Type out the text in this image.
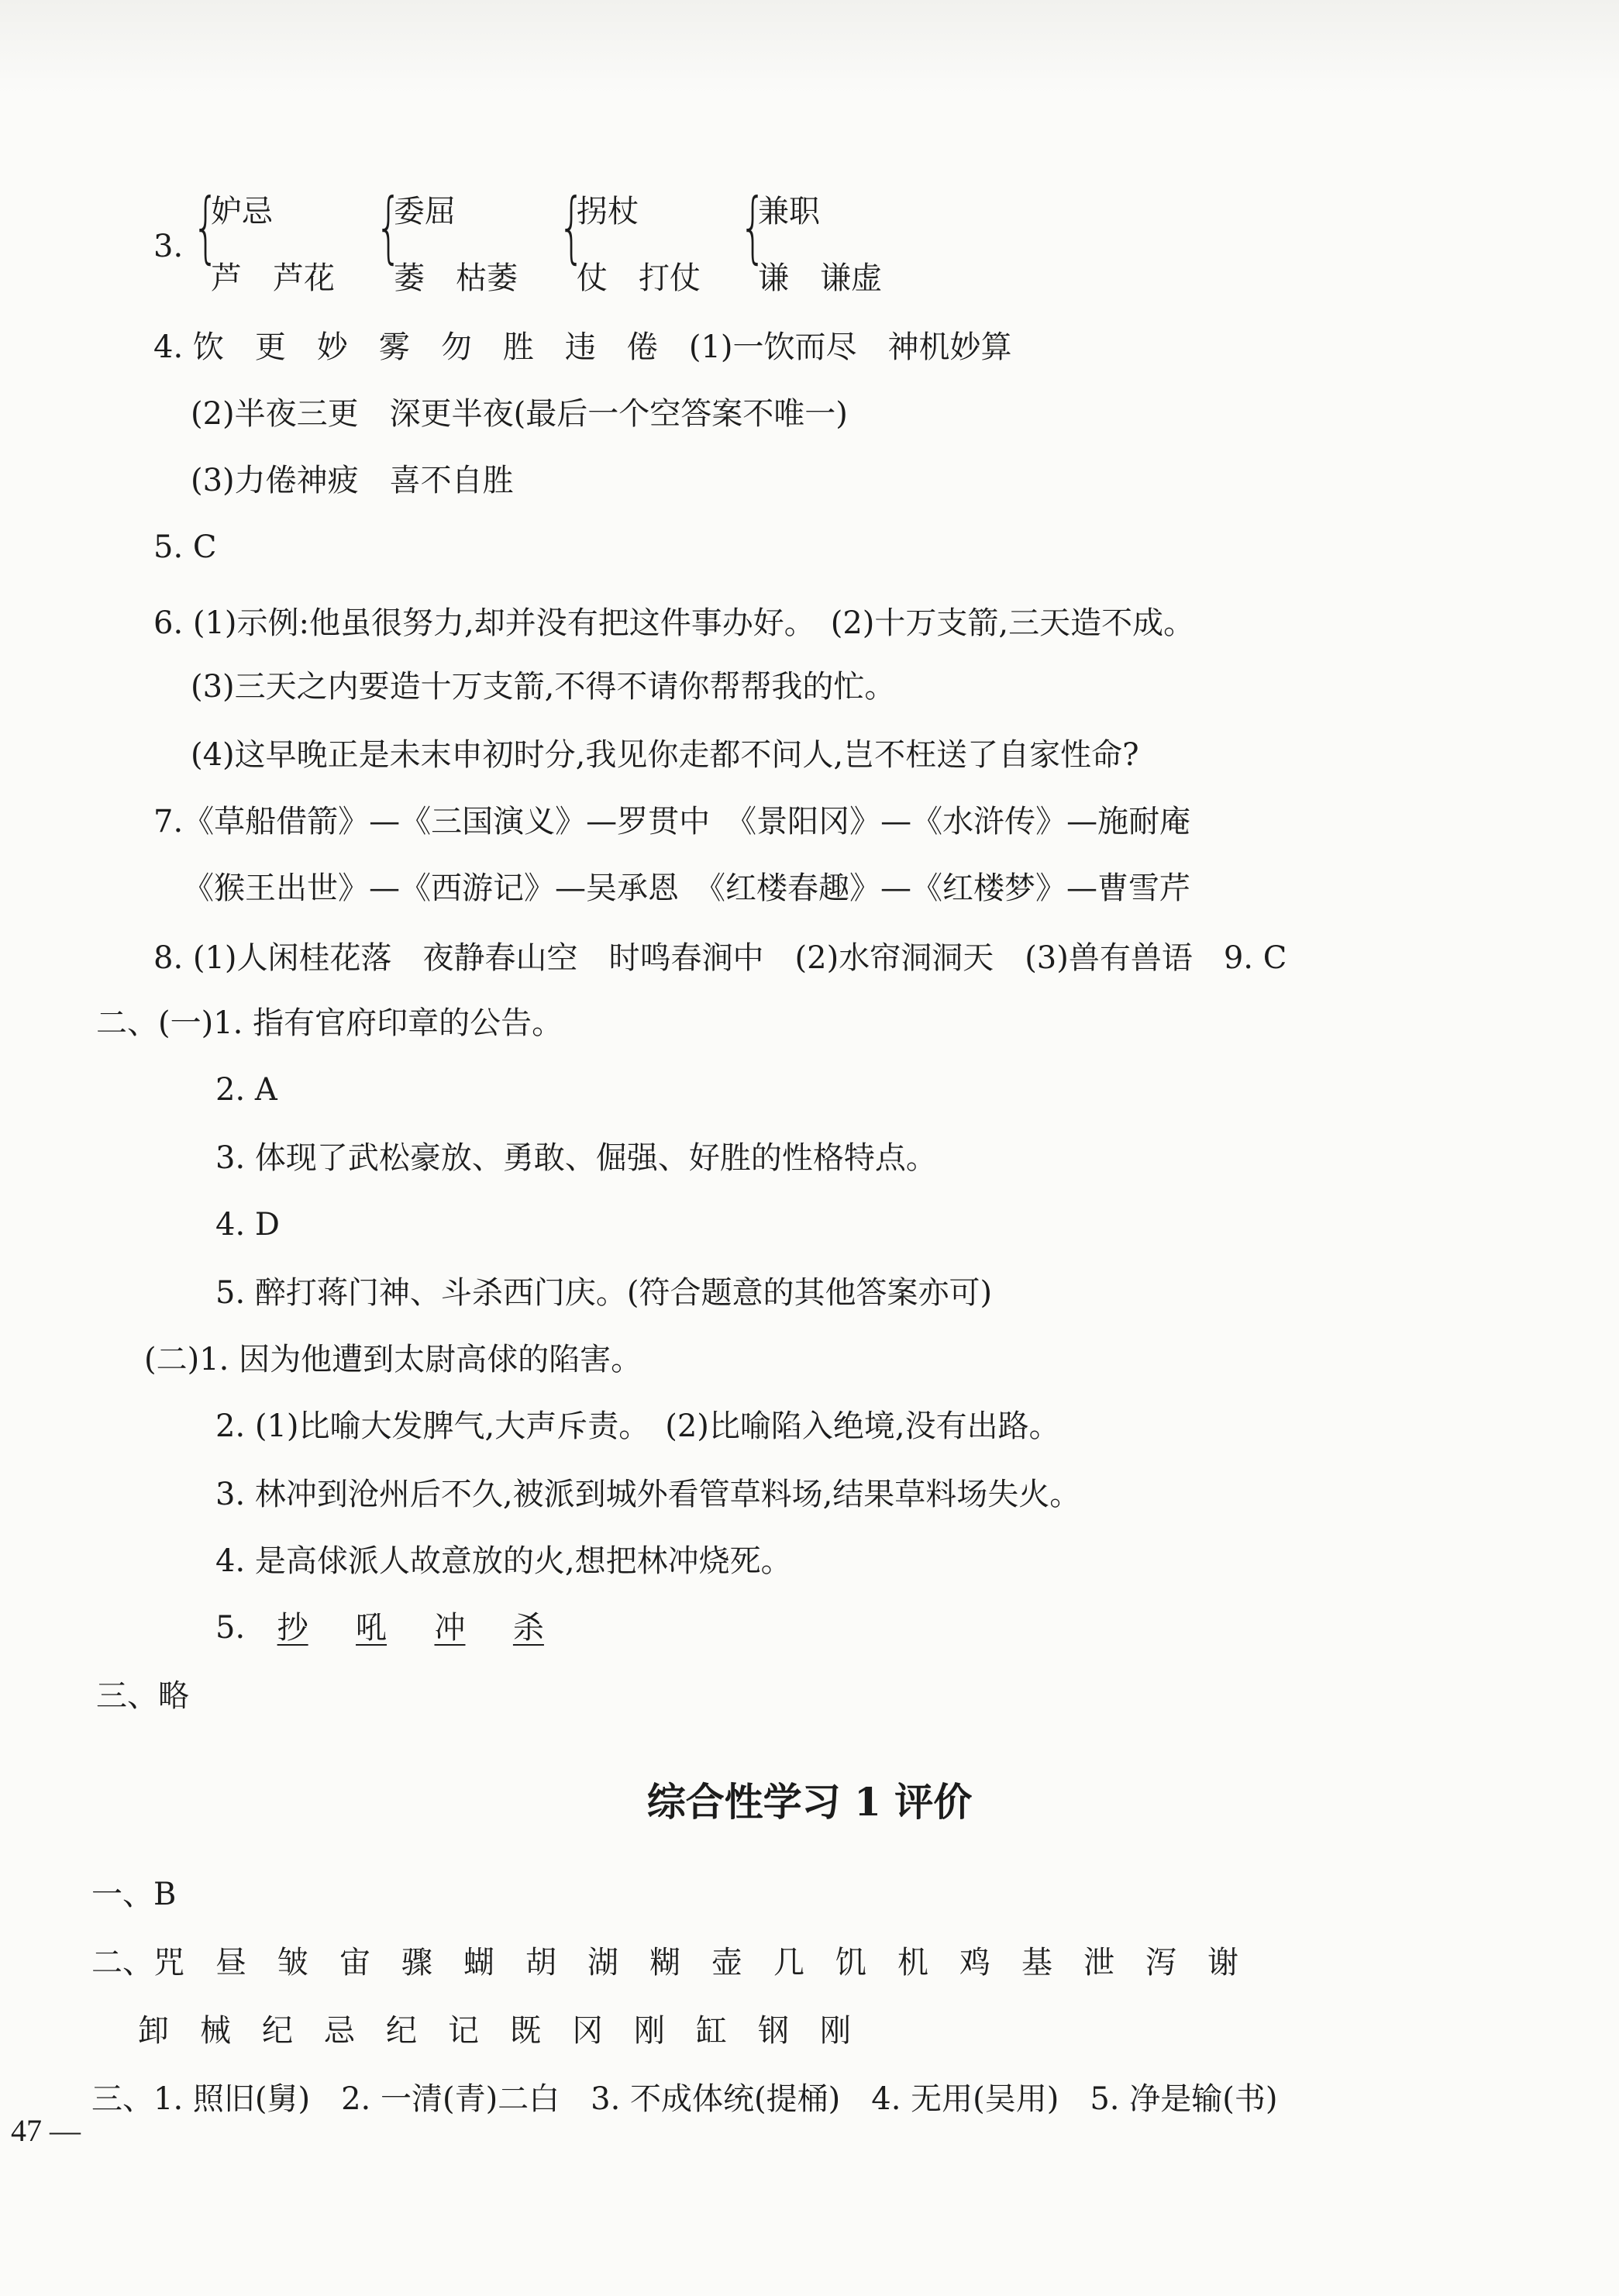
3. {
妒忌
芦　芦花
{
委屈
萎　枯萎
{
拐杖
仗　打仗
{
兼职
谦　谦虚
4. 饮　更　妙　雾　勿　胜　违　倦　(1)一饮而尽　神机妙算
(2)半夜三更　深更半夜(最后一个空答案不唯一)
(3)力倦神疲　喜不自胜
5. C
6. (1)示例:他虽很努力,却并没有把这件事办好。　(2)十万支箭,三天造不成。
(3)三天之内要造十万支箭,不得不请你帮帮我的忙。
(4)这早晚正是未末申初时分,我见你走都不问人,岂不枉送了自家性命?
7.《草船借箭》—《三国演义》—罗贯中　《景阳冈》—《水浒传》—施耐庵
《猴王出世》—《西游记》—吴承恩　《红楼春趣》—《红楼梦》—曹雪芹
8. (1)人闲桂花落　夜静春山空　时鸣春涧中　(2)水帘洞洞天　(3)兽有兽语　9. C
二、(一)1. 指有官府印章的公告。
2. A
3. 体现了武松豪放、勇敢、倔强、好胜的性格特点。
4. D
5. 醉打蒋门神、斗杀西门庆。(符合题意的其他答案亦可)
(二)1. 因为他遭到太尉高俅的陷害。
2. (1)比喻大发脾气,大声斥责。　(2)比喻陷入绝境,没有出路。
3. 林冲到沧州后不久,被派到城外看管草料场,结果草料场失火。
4. 是高俅派人故意放的火,想把林冲烧死。
5. 抄 吼 冲 杀
三、略
综合性学习 1 评价
一、B
二、咒　昼　皱　宙　骤　蝴　胡　湖　糊　壶　几　饥　机　鸡　基　泄　泻　谢
卸　械　纪　忌　纪　记　既　冈　刚　缸　钢　刚
三、1. 照旧(舅)　2. 一清(青)二白　3. 不成体统(提桶)　4. 无用(吴用)　5. 净是输(书)
47 —
